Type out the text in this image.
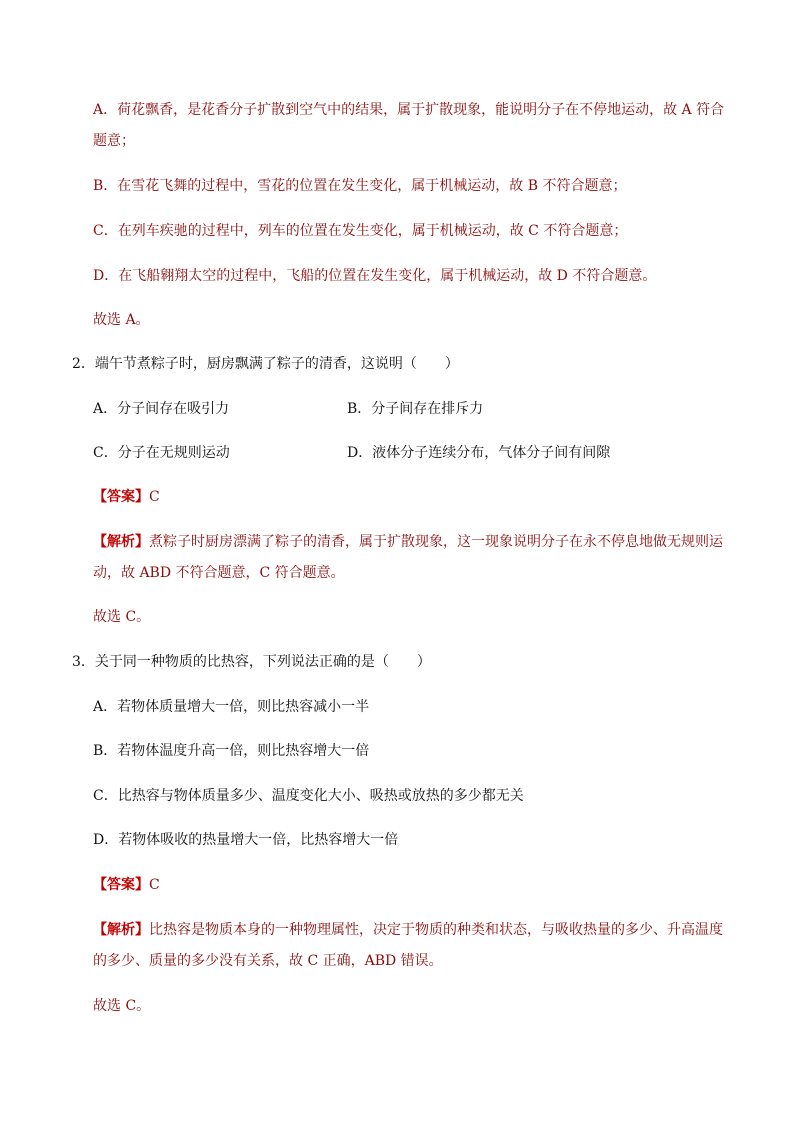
A．荷花飘香，是花香分子扩散到空气中的结果，属于扩散现象，能说明分子在不停地运动，故 A 符合
题意；
B．在雪花飞舞的过程中，雪花的位置在发生变化，属于机械运动，故 B 不符合题意；
C．在列车疾驰的过程中，列车的位置在发生变化，属于机械运动，故 C 不符合题意；
D．在飞船翱翔太空的过程中，飞船的位置在发生变化，属于机械运动，故 D 不符合题意。
故选 A。
2．端午节煮粽子时，厨房飘满了粽子的清香，这说明（　　）
A．分子间存在吸引力	B．分子间存在排斥力
C．分子在无规则运动	D．液体分子连续分布，气体分子间有间隙
【答案】C
【解析】煮粽子时厨房漂满了粽子的清香，属于扩散现象，这一现象说明分子在永不停息地做无规则运
动，故 ABD 不符合题意，C 符合题意。
故选 C。
3．关于同一种物质的比热容，下列说法正确的是（　　）
A．若物体质量增大一倍，则比热容减小一半
B．若物体温度升高一倍，则比热容增大一倍
C．比热容与物体质量多少、温度变化大小、吸热或放热的多少都无关
D．若物体吸收的热量增大一倍，比热容增大一倍
【答案】C
【解析】比热容是物质本身的一种物理属性，决定于物质的种类和状态，与吸收热量的多少、升高温度
的多少、质量的多少没有关系，故 C 正确，ABD 错误。
故选 C。
